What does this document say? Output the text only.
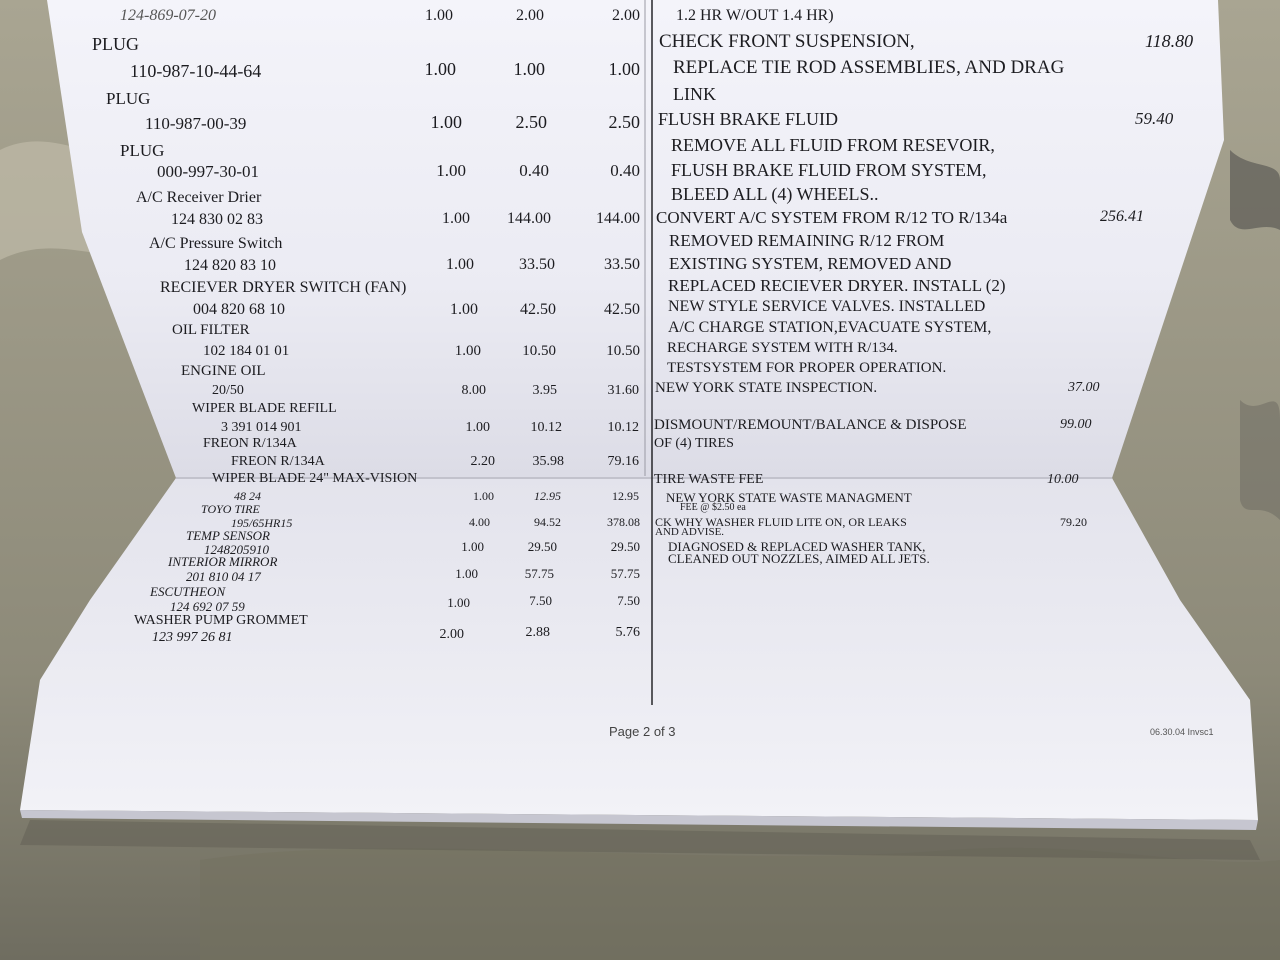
124-869-07-20	1.00	2.00	2.00
PLUG
110-987-10-44-64	1.00	1.00	1.00
PLUG
110-987-00-39	1.00	2.50	2.50
PLUG
000-997-30-01	1.00	0.40	0.40
A/C Receiver Drier
124 830 02 83	1.00	144.00	144.00
A/C Pressure Switch
124 820 83 10	1.00	33.50	33.50
RECIEVER DRYER SWITCH (FAN)
004 820 68 10	1.00	42.50	42.50
OIL FILTER
102 184 01 01	1.00	10.50	10.50
ENGINE OIL
20/50	8.00	3.95	31.60
WIPER BLADE REFILL
3 391 014 901	1.00	10.12	10.12
FREON R/134A
FREON R/134A	2.20	35.98	79.16
WIPER BLADE 24" MAX-VISION
48 24	1.00	12.95	12.95
TOYO TIRE
195/65HR15	4.00	94.52	378.08
TEMP SENSOR
1248205910	1.00	29.50	29.50
INTERIOR MIRROR
201 810 04 17	1.00	57.75	57.75
ESCUTHEON
124 692 07 59	1.00	7.50	7.50
WASHER PUMP GROMMET
123 997 26 81	2.00	2.88	5.76
1.2 HR W/OUT 1.4 HR)
CHECK FRONT SUSPENSION,	118.80
REPLACE TIE ROD ASSEMBLIES, AND DRAG
LINK
FLUSH BRAKE FLUID	59.40
REMOVE ALL FLUID FROM RESEVOIR,
FLUSH BRAKE FLUID FROM SYSTEM,
BLEED ALL (4) WHEELS..
CONVERT A/C SYSTEM FROM R/12 TO R/134a	256.41
REMOVED REMAINING R/12 FROM
EXISTING SYSTEM, REMOVED AND
REPLACED RECIEVER DRYER. INSTALL (2)
NEW STYLE SERVICE VALVES. INSTALLED
A/C CHARGE STATION,EVACUATE SYSTEM,
RECHARGE SYSTEM WITH R/134.
TESTSYSTEM FOR PROPER OPERATION.
NEW YORK STATE INSPECTION.	37.00
DISMOUNT/REMOUNT/BALANCE & DISPOSE	99.00
OF (4) TIRES
TIRE WASTE FEE	10.00
NEW YORK STATE WASTE MANAGMENT
FEE @ $2.50 ea
CK WHY WASHER FLUID LITE ON, OR LEAKS	79.20
AND ADVISE.
DIAGNOSED & REPLACED WASHER TANK,
CLEANED OUT NOZZLES, AIMED ALL JETS.
Page 2 of 3	06.30.04 Invsc1
